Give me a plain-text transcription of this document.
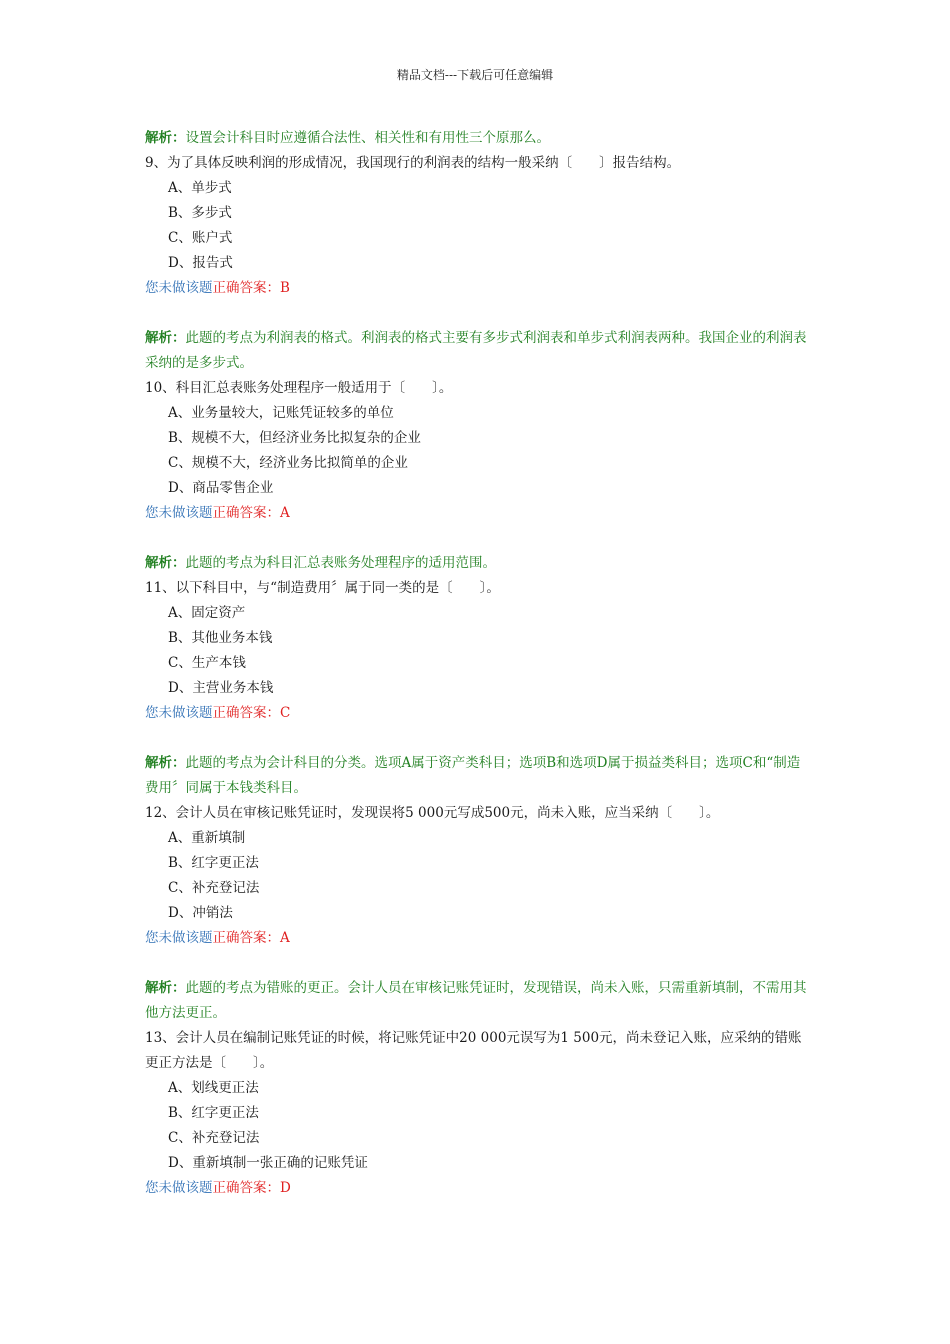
精品文档---下载后可任意编辑
解析：设置会计科目时应遵循合法性、相关性和有用性三个原那么。
9、为了具体反映利润的形成情况，我国现行的利润表的结构一般采纳〔　　〕报告结构。
A、单步式
B、多步式
C、账户式
D、报告式
您未做该题正确答案：B
解析：此题的考点为利润表的格式。利润表的格式主要有多步式利润表和单步式利润表两种。我国企业的利润表采纳的是多步式。
10、科目汇总表账务处理程序一般适用于〔　　〕。
A、业务量较大，记账凭证较多的单位
B、规模不大，但经济业务比拟复杂的企业
C、规模不大，经济业务比拟简单的企业
D、商品零售企业
您未做该题正确答案：A
解析：此题的考点为科目汇总表账务处理程序的适用范围。
11、以下科目中，与“制造费用〞属于同一类的是〔　　〕。
A、固定资产
B、其他业务本钱
C、生产本钱
D、主营业务本钱
您未做该题正确答案：C
解析：此题的考点为会计科目的分类。选项A属于资产类科目；选项B和选项D属于损益类科目；选项C和“制造费用〞同属于本钱类科目。
12、会计人员在审核记账凭证时，发现误将5 000元写成500元，尚未入账，应当采纳〔　　〕。
A、重新填制
B、红字更正法
C、补充登记法
D、冲销法
您未做该题正确答案：A
解析：此题的考点为错账的更正。会计人员在审核记账凭证时，发现错误，尚未入账，只需重新填制，不需用其他方法更正。
13、会计人员在编制记账凭证的时候，将记账凭证中20 000元误写为1 500元，尚未登记入账，应采纳的错账更正方法是〔　　〕。
A、划线更正法
B、红字更正法
C、补充登记法
D、重新填制一张正确的记账凭证
您未做该题正确答案：D
